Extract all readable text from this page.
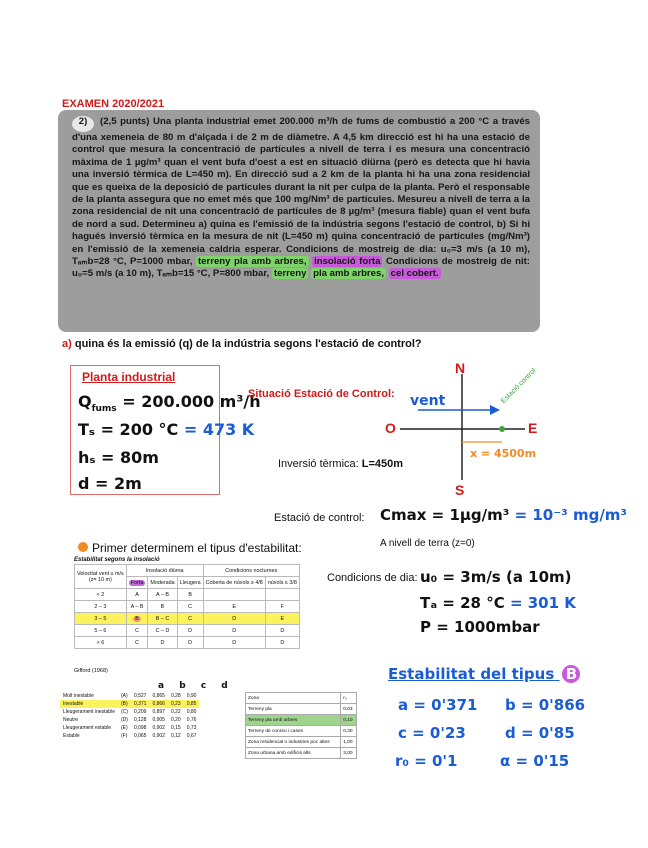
EXAMEN 2020/2021

2) (2,5 punts) Una planta industrial emet 200.000 m³/h de fums de combustió a 200 °C a través d'una xemeneia de 80 m d'alçada i de 2 m de diàmetre. A 4,5 km direcció est hi ha una estació de control que mesura la concentració de partícules a nivell de terra i es mesura una concentració màxima de 1 µg/m³ quan el vent bufa d'oest a est en situació diürna (però es detecta que hi havia una inversió tèrmica de L=450 m). En direcció sud a 2 km de la planta hi ha una zona residencial que es queixa de la deposició de partícules durant la nit per culpa de la planta. Però el responsable de la planta assegura que no emet més que 100 mg/Nm³ de partícules. Mesureu a nivell de terra a la zona residencial de nit una concentració de partícules de 8 µg/m³ (mesura fiable) quan el vent bufa de nord a sud. Determineu a) quina es l'emissió de la indústria segons l'estació de control, b) Si hi hagués inversió tèrmica en la mesura de nit (L=450 m) quina concentració de partícules (mg/Nm³) en l'emissió de la xemeneia caldria esperar. Condicions de mostreig de dia: u₀=3 m/s (a 10 m), Tₐₘb=28 °C, P=1000 mbar, terreny pla amb arbres, insolació forta Condicions de mostreig de nit: u₀=5 m/s (a 10 m), Tₐₘb=15 °C, P=800 mbar, terreny pla amb arbres, cel cobert.

a) quina és la emissió (q) de la indústria segons l'estació de control?
Planta industrial
$Q_{fums} = 200.000$ m³/h
Tₛ = 200 °C = 473 K
hₛ = 80m
d = 2m
Situació Estació de Control:
N
S
O	E
vent	Estació control
x = 4500m
Inversió tèrmica: L=450m
Estació de control: Cmax = 1µg/m³ = 10⁻³ mg/m³
A nivell de terra (z=0)
Primer determinem el tipus d'estabilitat:
Estabilitat segons la insolació
Velocitat vent u m/s
(z= 10 m)	Insolació diürna			Condicions nocturnes	
	Forta	Moderada	Lleugera	Coberta de núvols ≥ 4/8	núvols ≤ 3/8
< 2	A	A – B	B		
2 – 3	A – B	B	C	E	F
3 – 5	B	B – C	C	D	E
5 – 6	C	C – D	D	D	D
> 6	C	D	D	D	D
Gifford (1968)
a b c d
Molt inestable	(A)	0,527	0,865	0,28	0,90
Inestable	(B)	0,371	0,866	0,23	0,85
Lleugerament inestable	(C)	0,209	0,897	0,22	0,80
Neutre	(D)	0,128	0,905	0,20	0,76
Lleugerament estable	(E)	0,098	0,902	0,15	0,73
Estable	(F)	0,065	0,902	0,12	0,67
Zona	r₀
Terreny pla	0,03
Terreny pla amb arbres	0,10
Terreny de conreu i cases	0,30
Zona residencial o industries poc altes	1,00
Zona urbana amb edificis alts	3,00
Condicions de dia: u₀ = 3m/s (a 10m)
Tₐ = 28 °C = 301 K
P = 1000mbar
Estabilitat del tipus B
a = 0'371 b = 0'866
c = 0'23	d = 0'85
r₀ = 0'1	α = 0'15
